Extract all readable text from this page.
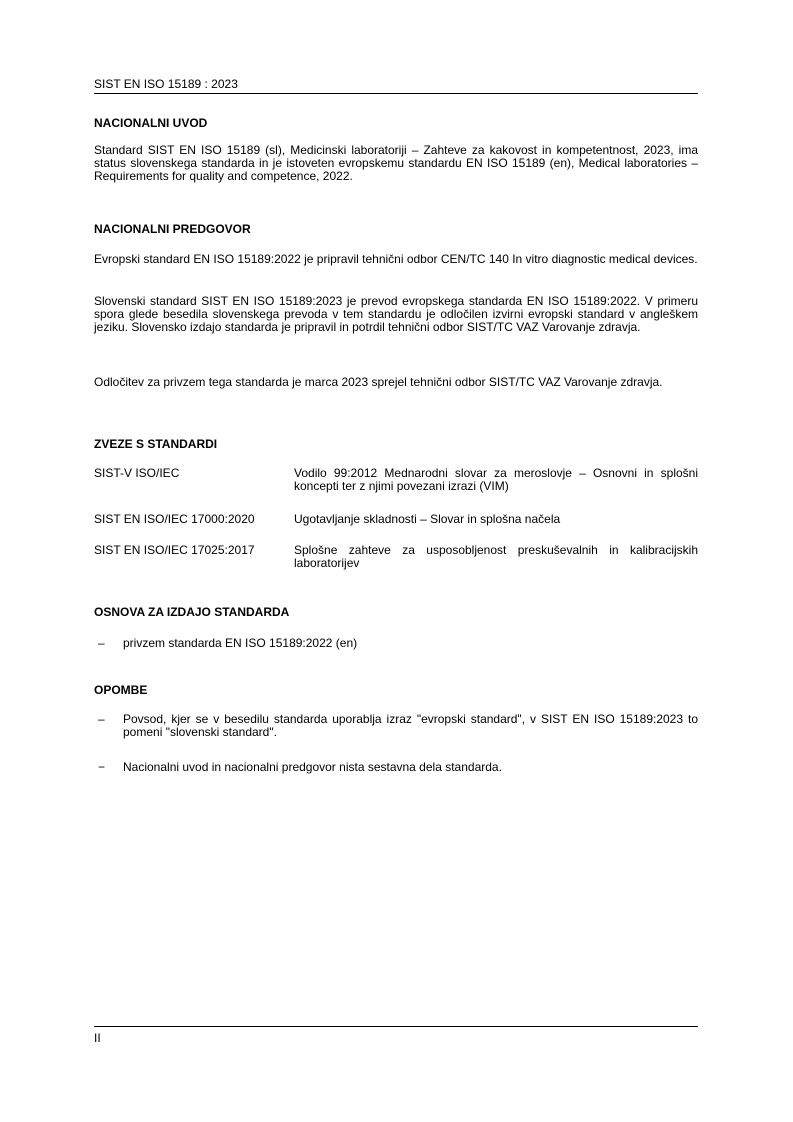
SIST EN ISO 15189 : 2023
NACIONALNI UVOD

Standard SIST EN ISO 15189 (sl), Medicinski laboratoriji – Zahteve za kakovost in kompetentnost, 2023, ima status slovenskega standarda in je istoveten evropskemu standardu EN ISO 15189 (en), Medical laboratories – Requirements for quality and competence, 2022.

NACIONALNI PREDGOVOR

Evropski standard EN ISO 15189:2022 je pripravil tehnični odbor CEN/TC 140 In vitro diagnostic medical devices.

Slovenski standard SIST EN ISO 15189:2023 je prevod evropskega standarda EN ISO 15189:2022. V primeru spora glede besedila slovenskega prevoda v tem standardu je odločilen izvirni evropski standard v angleškem jeziku. Slovensko izdajo standarda je pripravil in potrdil tehnični odbor SIST/TC VAZ Varovanje zdravja.

Odločitev za privzem tega standarda je marca 2023 sprejel tehnični odbor SIST/TC VAZ Varovanje zdravja.

ZVEZE S STANDARDI
SIST-V ISO/IEC	Vodilo 99:2012 Mednarodni slovar za meroslovje – Osnovni in splošni koncepti ter z njimi povezani izrazi (VIM)
SIST EN ISO/IEC 17000:2020	Ugotavljanje skladnosti – Slovar in splošna načela
SIST EN ISO/IEC 17025:2017	Splošne zahteve za usposobljenost preskuševalnih in kalibracijskih laboratorijev
OSNOVA ZA IZDAJO STANDARDA
– privzem standarda EN ISO 15189:2022 (en)
OPOMBE
– Povsod, kjer se v besedilu standarda uporablja izraz "evropski standard", v SIST EN ISO 15189:2023 to pomeni "slovenski standard".
− Nacionalni uvod in nacionalni predgovor nista sestavna dela standarda.
II
